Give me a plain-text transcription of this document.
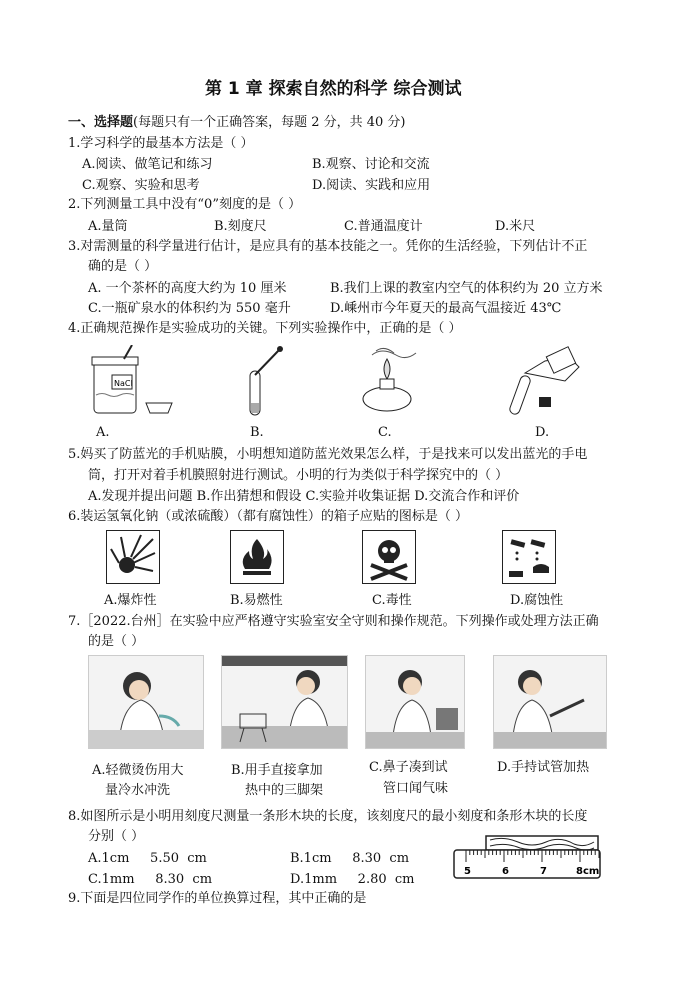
第 1 章 探索自然的科学 综合测试
一、选择题(每题只有一个正确答案，每题 2 分，共 40 分)
1.学习科学的最基本方法是（ ）
A.阅读、做笔记和练习	B.观察、讨论和交流
C.观察、实验和思考	D.阅读、实践和应用
2.下列测量工具中没有“0”刻度的是（ ）
A.量筒	B.刻度尺	C.普通温度计	D.米尺
3.对需测量的科学量进行估计，是应具有的基本技能之一。凭你的生活经验，下列估计不正
确的是（ ）
A. 一个茶杯的高度大约为 10 厘米	B.我们上课的教室内空气的体积约为 20 立方米
C.一瓶矿泉水的体积约为 550 毫升	D.嵊州市今年夏天的最高气温接近 43℃
4.正确规范操作是实验成功的关键。下列实验操作中，正确的是（ ）
NaCl
A.	B.	C.	D.
5.妈买了防蓝光的手机贴膜，小明想知道防蓝光效果怎么样，于是找来可以发出蓝光的手电
筒，打开对着手机膜照射进行测试。小明的行为类似于科学探究中的（ ）
A.发现并提出问题 B.作出猜想和假设 C.实验并收集证据 D.交流合作和评价
6.装运氢氧化钠（或浓硫酸）（都有腐蚀性）的箱子应贴的图标是（ ）
A.爆炸性	B.易燃性	C.毒性	D.腐蚀性
7.［2022.台州］在实验中应严格遵守实验室安全守则和操作规范。下列操作或处理方法正确
的是（ ）
A.轻微烫伤用大
量冷水冲洗
B.用手直接拿加
热中的三脚架
C.鼻子凑到试
管口闻气味
D.手持试管加热
8.如图所示是小明用刻度尺测量一条形木块的长度，该刻度尺的最小刻度和条形木块的长度
分别（ ）
A.1cm     5.50  cm	B.1cm     8.30  cm
C.1mm     8.30  cm	D.1mm     2.80  cm
5	6	7	8cm
9.下面是四位同学作的单位换算过程，其中正确的是
